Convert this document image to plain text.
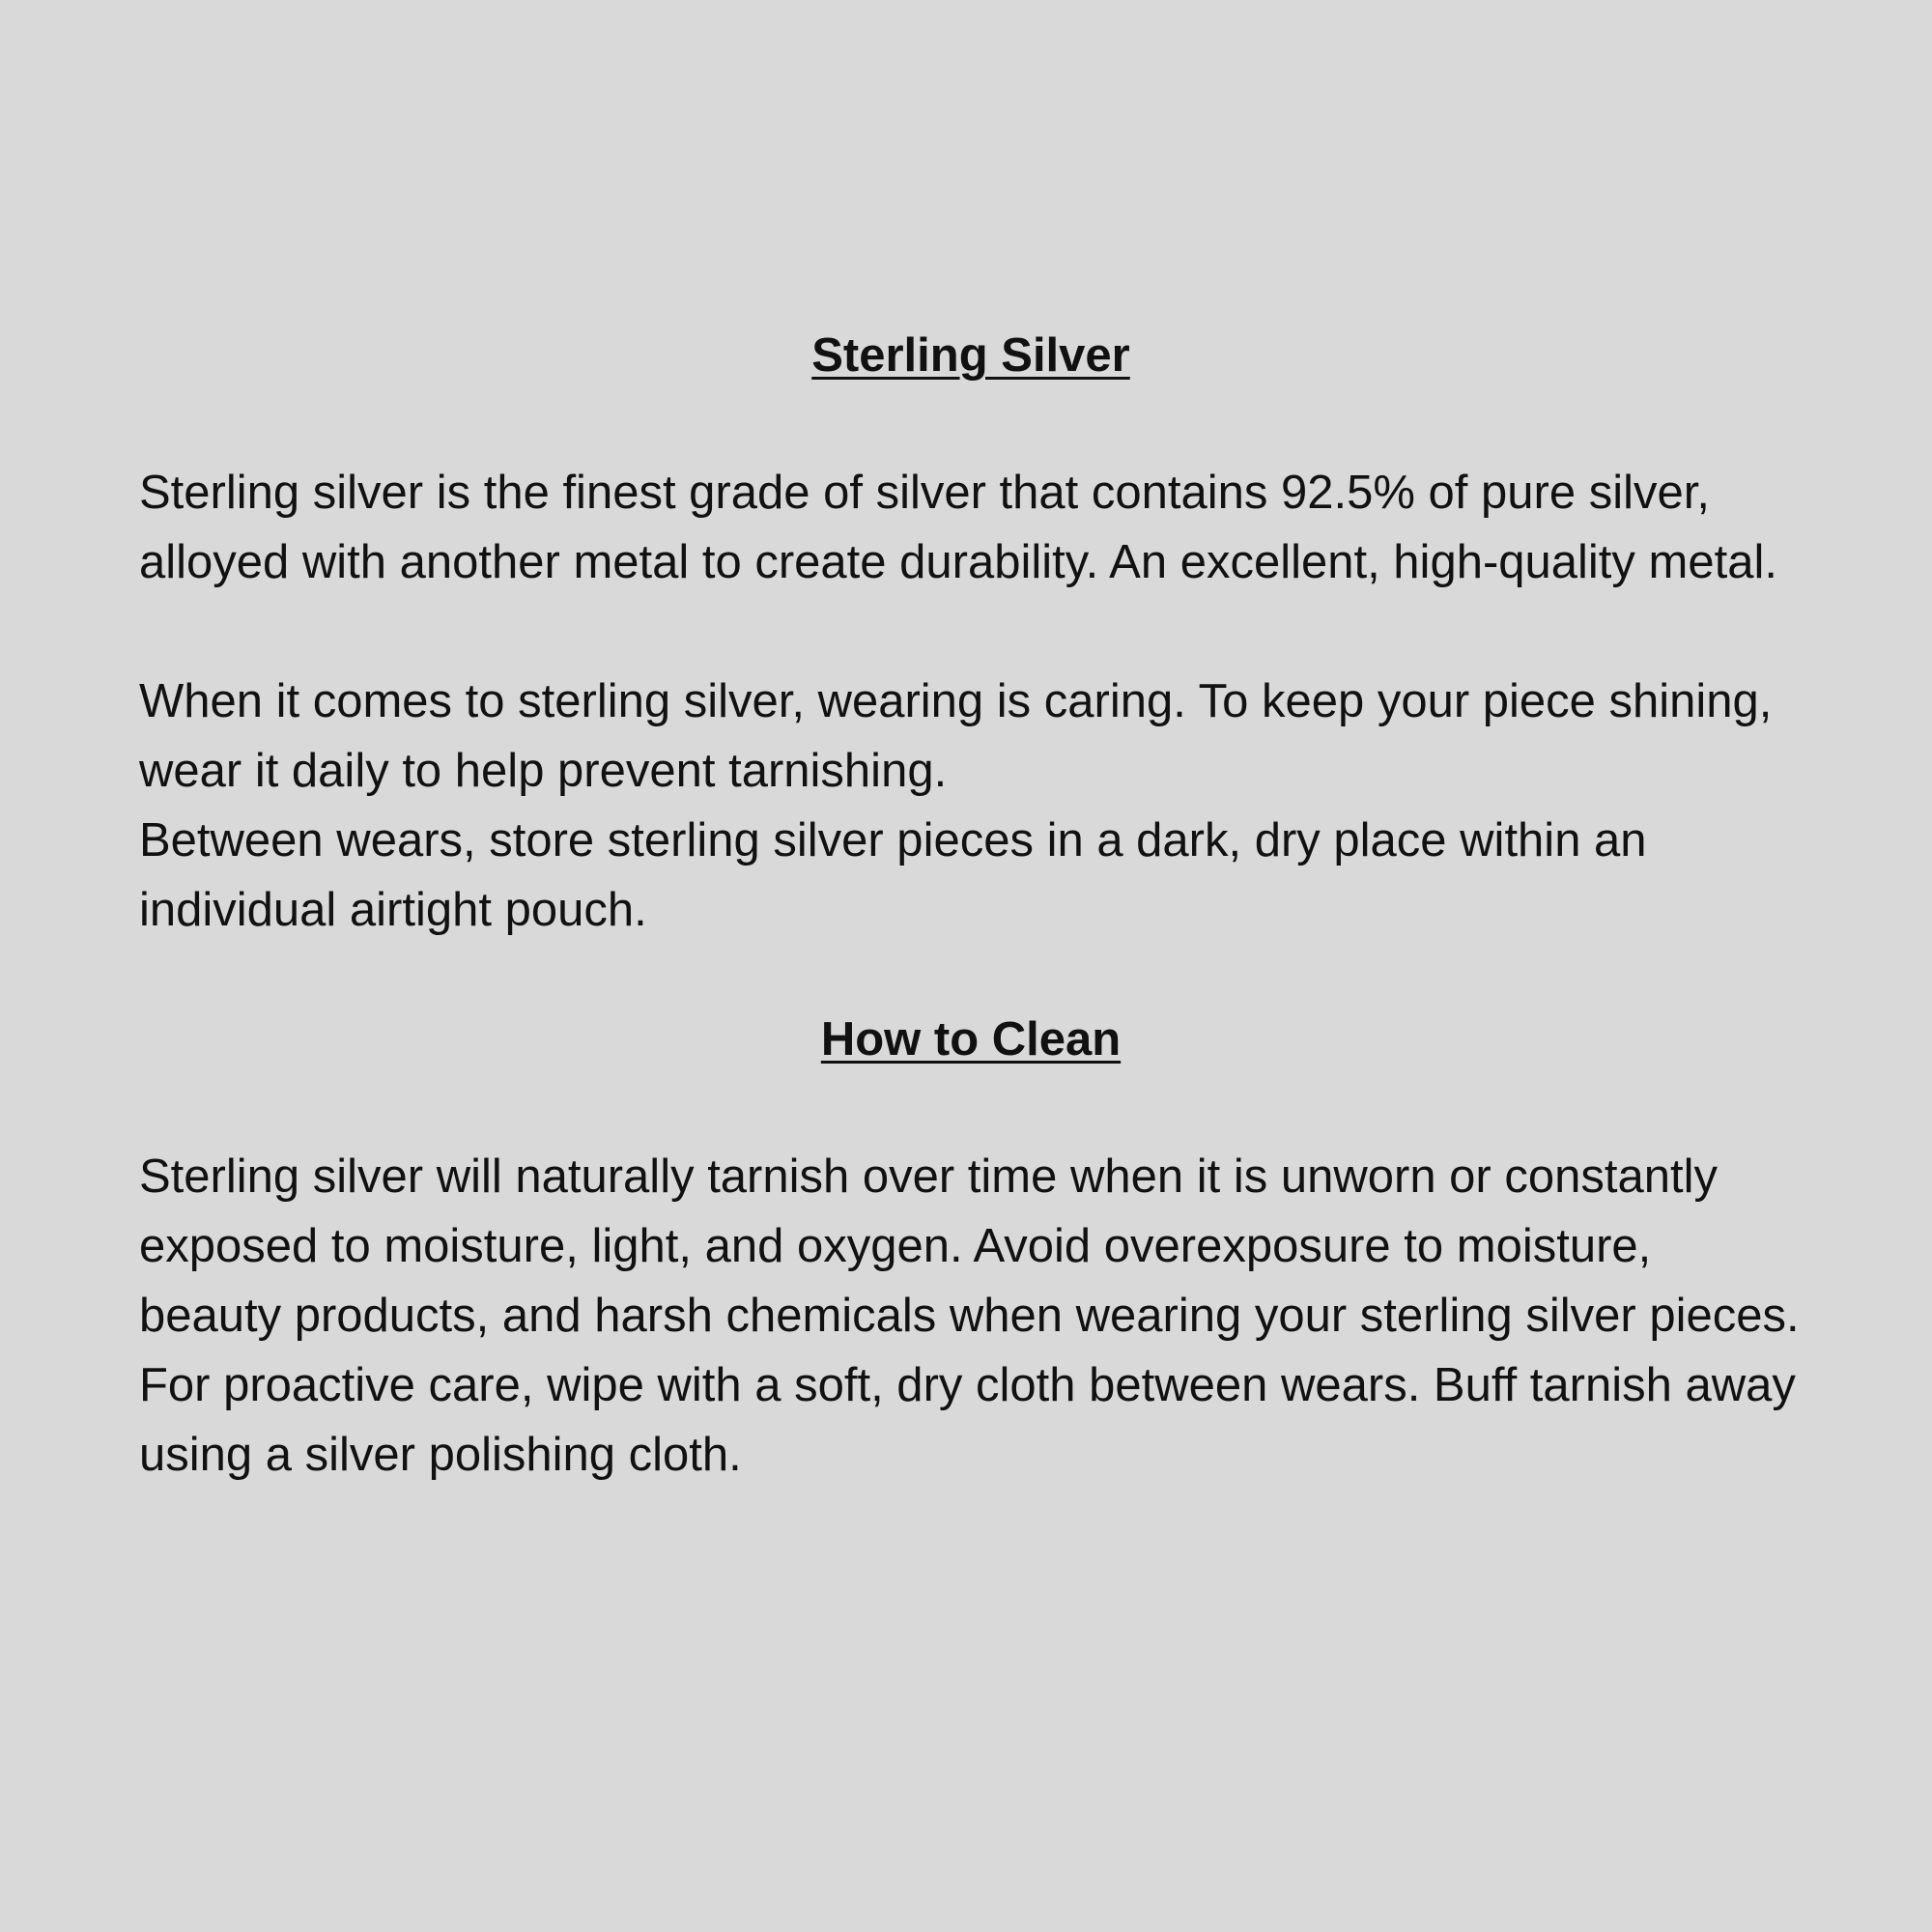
Sterling Silver

Sterling silver is the finest grade of silver that contains 92.5% of pure silver, alloyed with another metal to create durability. An excellent, high-quality metal.

When it comes to sterling silver, wearing is caring. To keep your piece shining, wear it daily to help prevent tarnishing.

Between wears, store sterling silver pieces in a dark, dry place within an individual airtight pouch.

How to Clean

Sterling silver will naturally tarnish over time when it is unworn or constantly exposed to moisture, light, and oxygen. Avoid overexposure to moisture, beauty products, and harsh chemicals when wearing your sterling silver pieces. For proactive care, wipe with a soft, dry cloth between wears. Buff tarnish away using a silver polishing cloth.
